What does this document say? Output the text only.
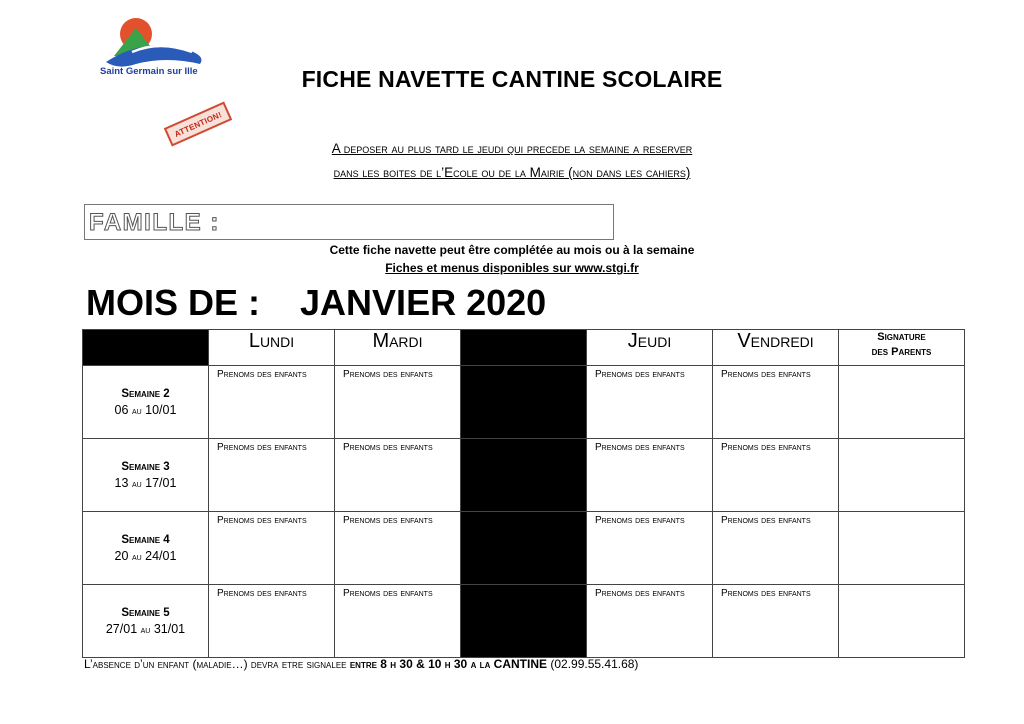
Saint Germain sur Ille	FICHE NAVETTE CANTINE SCOLAIRE
ATTENTION!
A deposer au plus tard le jeudi qui precede la semaine a reserver
dans les boites de l’Ecole ou de la Mairie (non dans les cahiers)
FAMILLE :
Cette fiche navette peut être complétée au mois ou à la semaine
Fiches et menus disponibles sur www.stgi.fr
MOIS DE : JANVIER 2020
	Lundi	Mardi		Jeudi	Vendredi	Signature
des Parents

Semaine 2
06 au 10/01	Prenoms des enfants	Prenoms des enfants		Prenoms des enfants	Prenoms des enfants	

Semaine 3
13 au 17/01	Prenoms des enfants	Prenoms des enfants		Prenoms des enfants	Prenoms des enfants	

Semaine 4
20 au 24/01	Prenoms des enfants	Prenoms des enfants		Prenoms des enfants	Prenoms des enfants	

Semaine 5
27/01 au 31/01	Prenoms des enfants	Prenoms des enfants		Prenoms des enfants	Prenoms des enfants	
L’absence d’un enfant (maladie…) devra etre signalee entre 8 h 30 & 10 h 30 a la CANTINE (02.99.55.41.68)
